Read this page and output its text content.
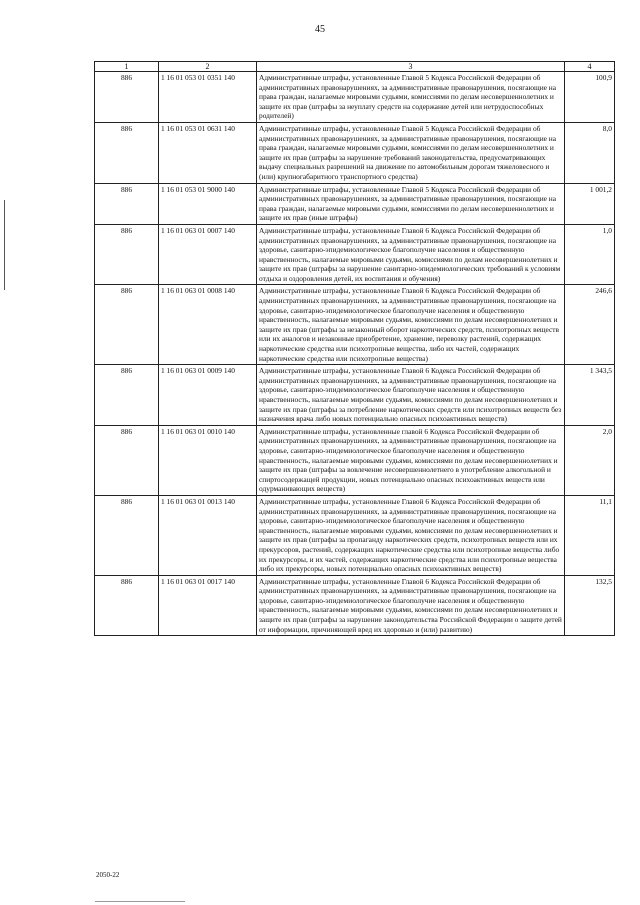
45
1	2	3	4
886	1 16 01 053 01 0351 140	Административные штрафы, установленные Главой 5 Кодекса Российской Федерации об административных правонарушениях, за административные правонарушения, посягающие на права граждан, налагаемые мировыми судьями, комиссиями по делам несовершеннолетних и защите их прав (штрафы за неуплату средств на содержание детей или нетрудоспособных родителей)	100,9
886	1 16 01 053 01 0631 140	Административные штрафы, установленные Главой 5 Кодекса Российской Федерации об административных правонарушениях, за административные правонарушения, посягающие на права граждан, налагаемые мировыми судьями, комиссиями по делам несовершеннолетних и защите их прав (штрафы за нарушение требований законодательства, предусматривающих выдачу специальных разрешений на движение по автомобильным дорогам тяжеловесного и (или) крупногабаритного транспортного средства)	8,0
886	1 16 01 053 01 9000 140	Административные штрафы, установленные Главой 5 Кодекса Российской Федерации об административных правонарушениях, за административные правонарушения, посягающие на права граждан, налагаемые мировыми судьями, комиссиями по делам несовершеннолетних и защите их прав (иные штрафы)	1 001,2
886	1 16 01 063 01 0007 140	Административные штрафы, установленные Главой 6 Кодекса Российской Федерации об административных правонарушениях, за административные правонарушения, посягающие на здоровье, санитарно-эпидемиологическое благополучие населения и общественную нравственность, налагаемые мировыми судьями, комиссиями по делам несовершеннолетних и защите их прав (штрафы за нарушение санитарно-эпидемиологических требований к условиям отдыха и оздоровления детей, их воспитания и обучения)	1,0
886	1 16 01 063 01 0008 140	Административные штрафы, установленные Главой 6 Кодекса Российской Федерации об административных правонарушениях, за административные правонарушения, посягающие на здоровье, санитарно-эпидемиологическое благополучие населения и общественную нравственность, налагаемые мировыми судьями, комиссиями по делам несовершеннолетних и защите их прав (штрафы за незаконный оборот наркотических средств, психотропных веществ или их аналогов и незаконные приобретение, хранение, перевозку растений, содержащих наркотические средства или психотропные вещества, либо их частей, содержащих наркотические средства или психотропные вещества)	246,6
886	1 16 01 063 01 0009 140	Административные штрафы, установленные Главой 6 Кодекса Российской Федерации об административных правонарушениях, за административные правонарушения, посягающие на здоровье, санитарно-эпидемиологическое благополучие населения и общественную нравственность, налагаемые мировыми судьями, комиссиями по делам несовершеннолетних и защите их прав (штрафы за потребление наркотических средств или психотропных веществ без назначения врача либо новых потенциально опасных психоактивных веществ)	1 343,5
886	1 16 01 063 01 0010 140	Административные штрафы, установленные главой 6 Кодекса Российской Федерации об административных правонарушениях, за административные правонарушения, посягающие на здоровье, санитарно-эпидемиологическое благополучие населения и общественную нравственность, налагаемые мировыми судьями, комиссиями по делам несовершеннолетних и защите их прав (штрафы за вовлечение несовершеннолетнего в употребление алкогольной и спиртосодержащей продукции, новых потенциально опасных психоактивных веществ или одурманивающих веществ)	2,0
886	1 16 01 063 01 0013 140	Административные штрафы, установленные Главой 6 Кодекса Российской Федерации об административных правонарушениях, за административные правонарушения, посягающие на здоровье, санитарно-эпидемиологическое благополучие населения и общественную нравственность, налагаемые мировыми судьями, комиссиями по делам несовершеннолетних и защите их прав (штрафы за пропаганду наркотических средств, психотропных веществ или их прекурсоров, растений, содержащих наркотические средства или психотропные вещества либо их прекурсоры, и их частей, содержащих наркотические средства или психотропные вещества либо их прекурсоры, новых потенциально опасных психоактивных веществ)	11,1
886	1 16 01 063 01 0017 140	Административные штрафы, установленные Главой 6 Кодекса Российской Федерации об административных правонарушениях, за административные правонарушения, посягающие на здоровье, санитарно-эпидемиологическое благополучие населения и общественную нравственность, налагаемые мировыми судьями, комиссиями по делам несовершеннолетних и защите их прав (штрафы за нарушение законодательства Российской Федерации о защите детей от информации, причиняющей вред их здоровью и (или) развитию)	132,5
2050-22
